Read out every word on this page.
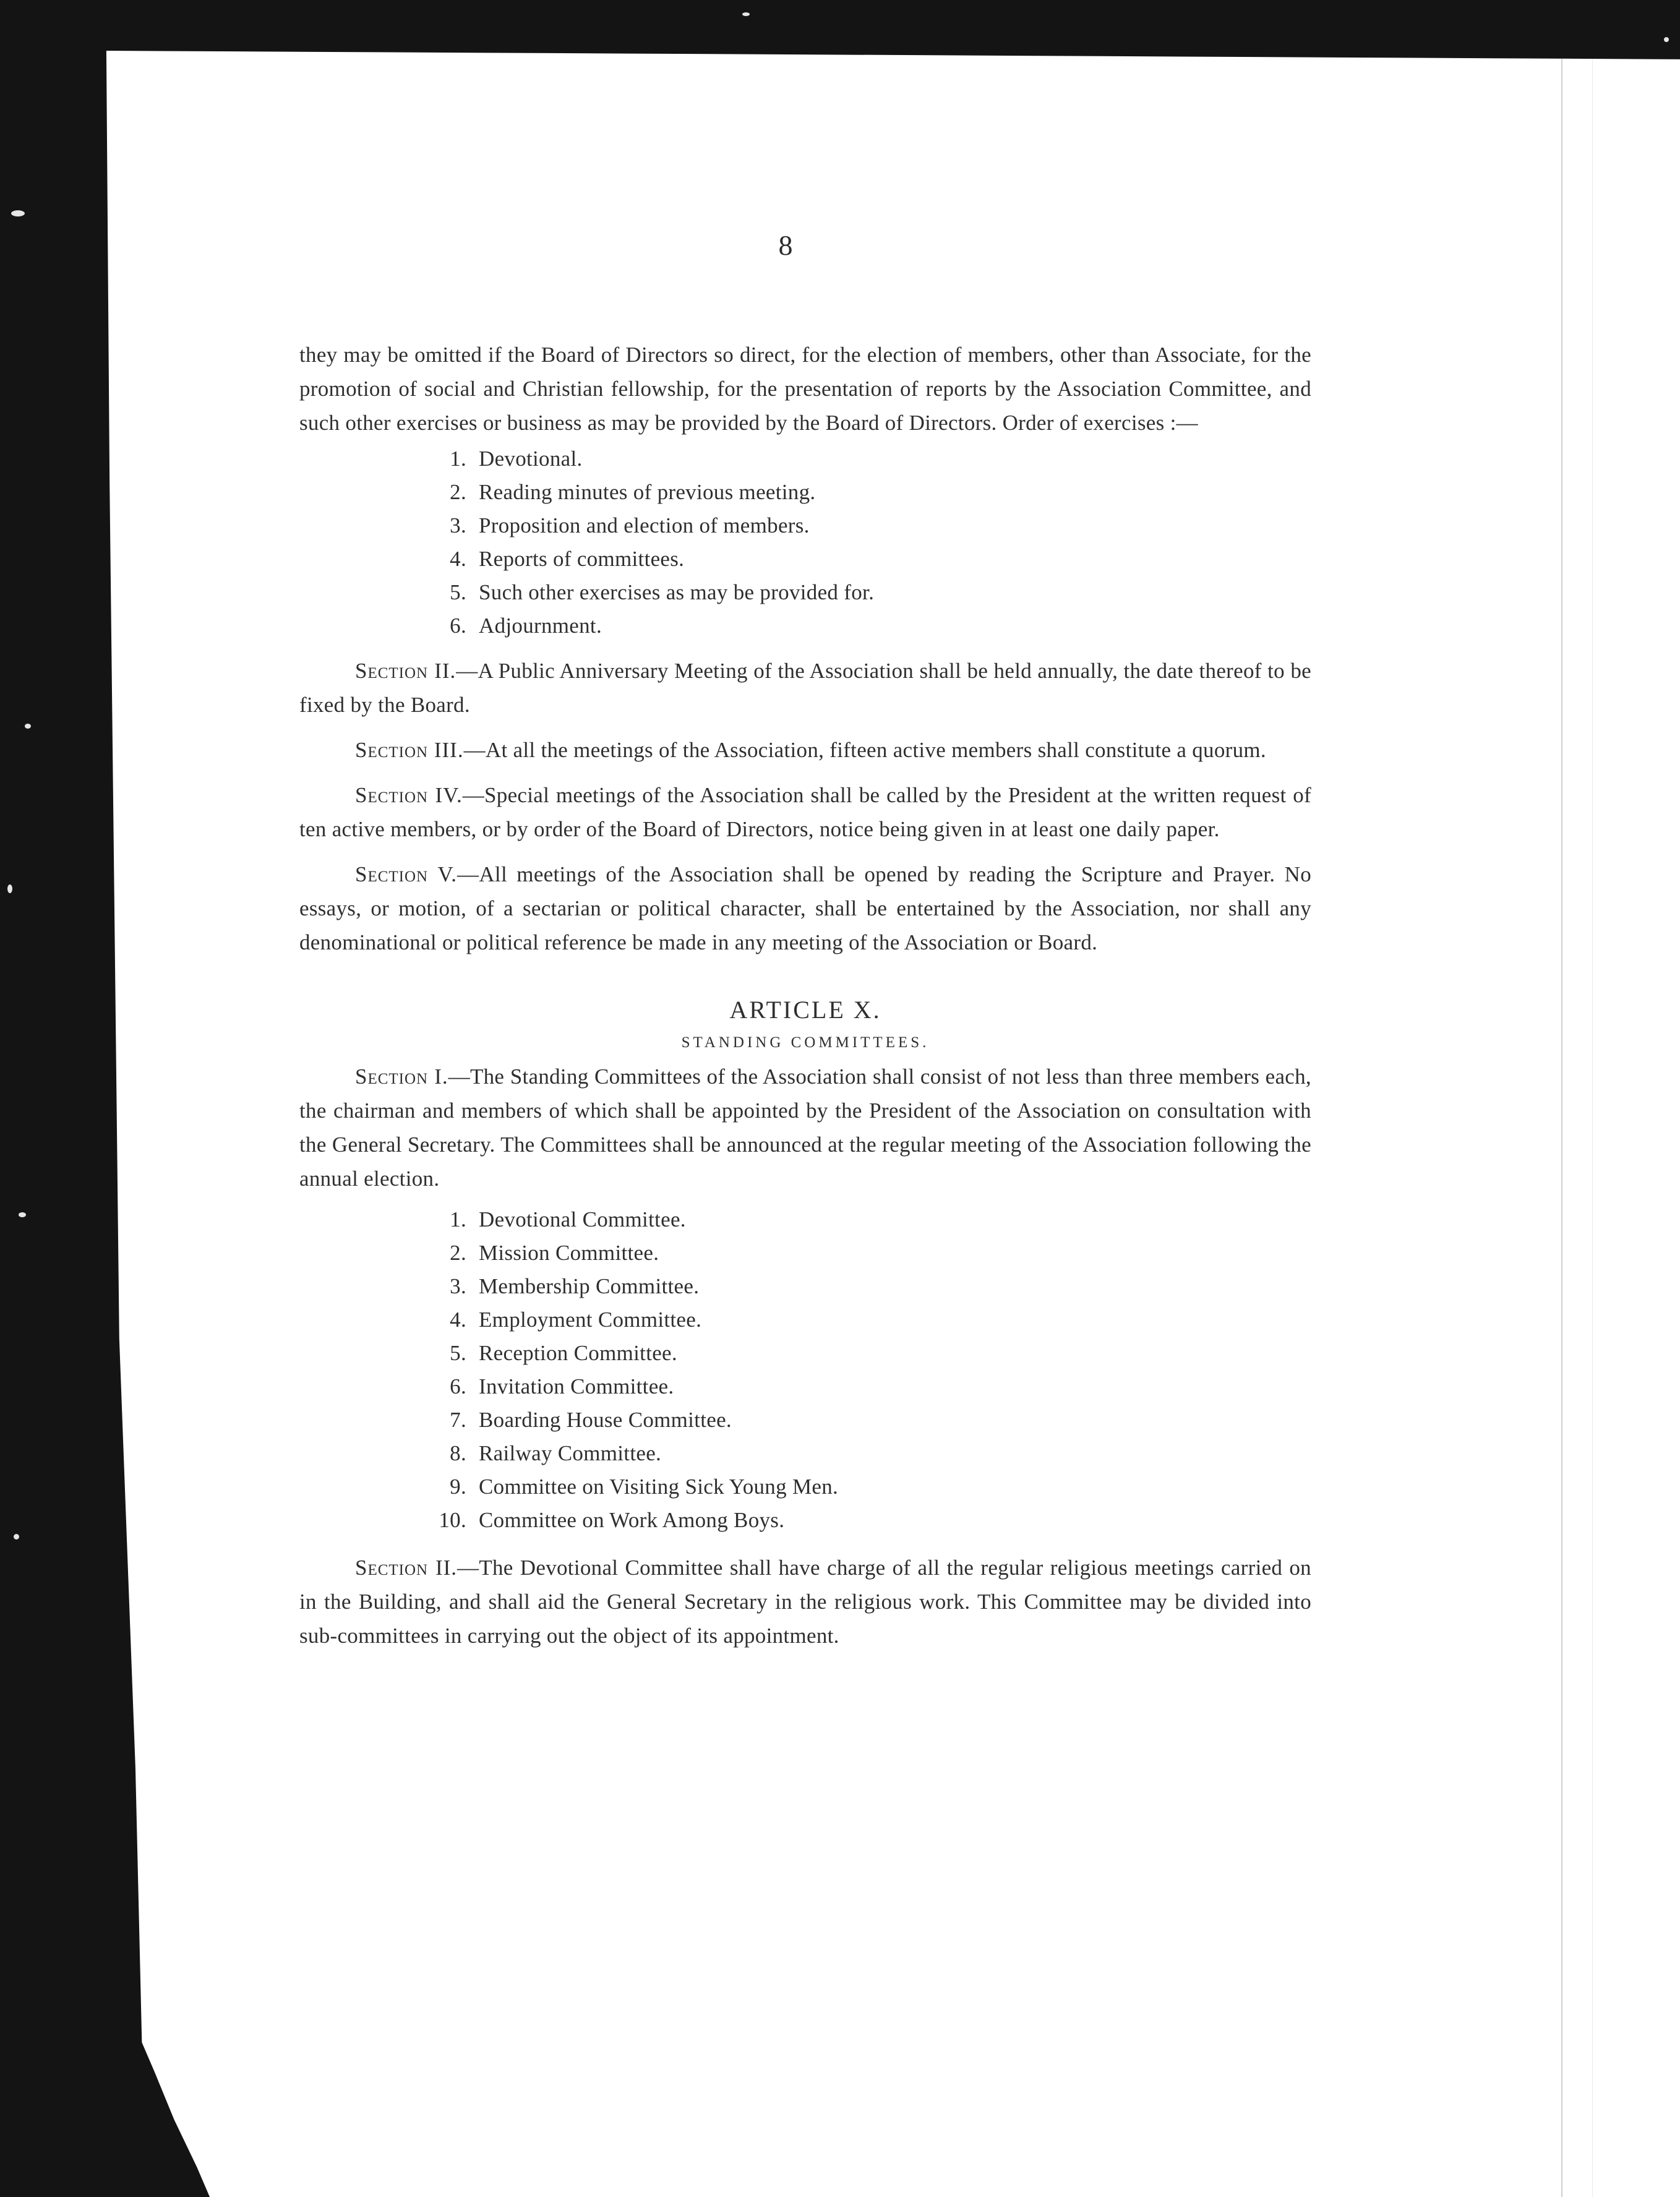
8

they may be omitted if the Board of Directors so direct, for the election of members, other than Associate, for the promotion of social and Christian fellowship, for the presentation of reports by the Association Committee, and such other exercises or business as may be provided by the Board of Directors. Order of exercises :—

1. Devotional.
2. Reading minutes of previous meeting.
3. Proposition and election of members.
4. Reports of committees.
5. Such other exercises as may be provided for.
6. Adjournment.

Section II.—A Public Anniversary Meeting of the Association shall be held annually, the date thereof to be fixed by the Board.

Section III.—At all the meetings of the Association, fifteen active members shall constitute a quorum.

Section IV.—Special meetings of the Association shall be called by the President at the written request of ten active members, or by order of the Board of Directors, notice being given in at least one daily paper.

Section V.—All meetings of the Association shall be opened by reading the Scripture and Prayer. No essays, or motion, of a sectarian or political character, shall be entertained by the Association, nor shall any denominational or political reference be made in any meeting of the Association or Board.

ARTICLE X.
STANDING COMMITTEES.

Section I.—The Standing Committees of the Association shall consist of not less than three members each, the chairman and members of which shall be appointed by the President of the Association on consultation with the General Secretary. The Committees shall be announced at the regular meeting of the Association following the annual election.

1. Devotional Committee.
2. Mission Committee.
3. Membership Committee.
4. Employment Committee.
5. Reception Committee.
6. Invitation Committee.
7. Boarding House Committee.
8. Railway Committee.
9. Committee on Visiting Sick Young Men.
10. Committee on Work Among Boys.

Section II.—The Devotional Committee shall have charge of all the regular religious meetings carried on in the Building, and shall aid the General Secretary in the religious work. This Committee may be divided into sub-committees in carrying out the object of its appointment.
